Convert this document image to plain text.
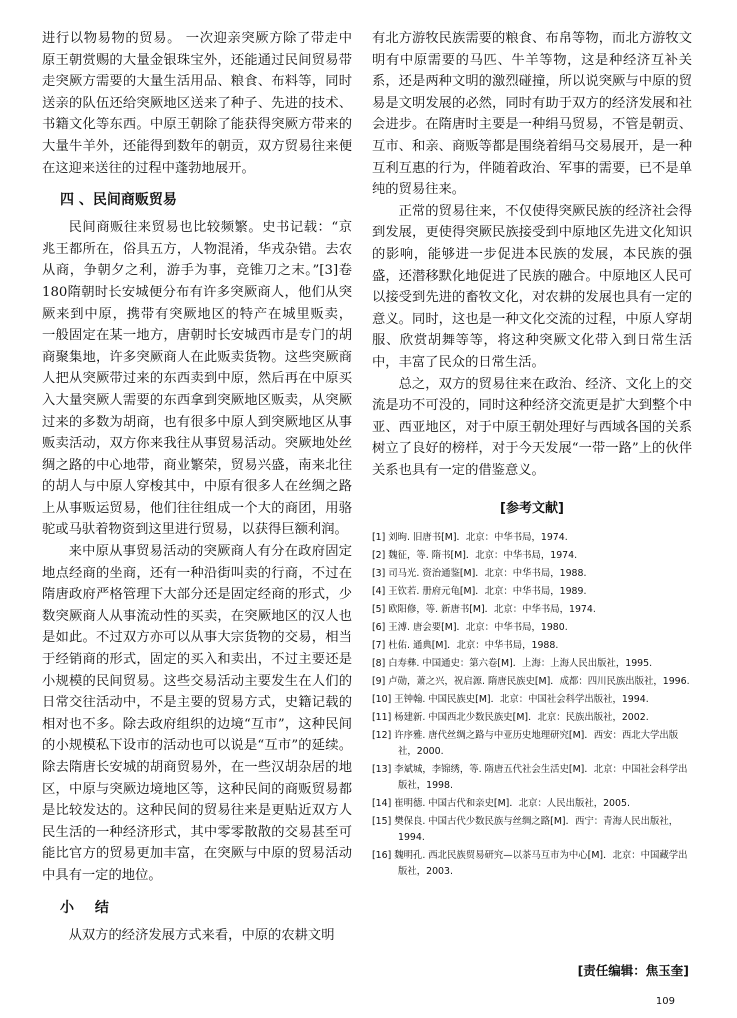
进行以物易物的贸易。 一次迎亲突厥方除了带走中原王朝赏赐的大量金银珠宝外，还能通过民间贸易带走突厥方需要的大量生活用品、粮食、布料等，同时送亲的队伍还给突厥地区送来了种子、先进的技术、书籍文化等东西。中原王朝除了能获得突厥方带来的大量牛羊外，还能得到数年的朝贡，双方贸易往来便在这迎来送往的过程中蓬勃地展开。

四 、民间商贩贸易

民间商贩往来贸易也比较频繁。史书记载：“京兆王都所在，俗具五方，人物混淆，华戎杂错。去农从商，争朝夕之利，游手为事，竞锥刀之末。”[3]卷180隋朝时长安城便分布有许多突厥商人，他们从突厥来到中原，携带有突厥地区的特产在城里贩卖， 一般固定在某一地方，唐朝时长安城西市是专门的胡商聚集地，许多突厥商人在此贩卖货物。这些突厥商人把从突厥带过来的东西卖到中原，然后再在中原买入大量突厥人需要的东西拿到突厥地区贩卖，从突厥过来的多数为胡商，也有很多中原人到突厥地区从事贩卖活动，双方你来我往从事贸易活动。突厥地处丝绸之路的中心地带，商业繁荣，贸易兴盛，南来北往的胡人与中原人穿梭其中，中原有很多人在丝绸之路上从事贩运贸易，他们往往组成一个大的商团，用骆驼或马驮着物资到这里进行贸易，以获得巨额利润。

来中原从事贸易活动的突厥商人有分在政府固定地点经商的坐商，还有一种沿街叫卖的行商，不过在隋唐政府严格管理下大部分还是固定经商的形式，少数突厥商人从事流动性的买卖，在突厥地区的汉人也是如此。不过双方亦可以从事大宗货物的交易，相当于经销商的形式，固定的买入和卖出，不过主要还是小规模的民间贸易。这些交易活动主要发生在人们的日常交往活动中，不是主要的贸易方式，史籍记载的相对也不多。除去政府组织的边境“互市”，这种民间的小规模私下设市的活动也可以说是“互市”的延续。除去隋唐长安城的胡商贸易外，在一些汉胡杂居的地区，中原与突厥边境地区等，这种民间的商贩贸易都是比较发达的。这种民间的贸易往来是更贴近双方人民生活的一种经济形式，其中零零散散的交易甚至可能比官方的贸易更加丰富，在突厥与中原的贸易活动中具有一定的地位。

小 结

从双方的经济发展方式来看，中原的农耕文明

有北方游牧民族需要的粮食、布帛等物，而北方游牧文明有中原需要的马匹、牛羊等物，这是种经济互补关系，还是两种文明的激烈碰撞，所以说突厥与中原的贸易是文明发展的必然，同时有助于双方的经济发展和社会进步。在隋唐时主要是一种绢马贸易，不管是朝贡、互市、和亲、商贩等都是围绕着绢马交易展开，是一种互利互惠的行为，伴随着政治、军事的需要，已不是单纯的贸易往来。

正常的贸易往来，不仅使得突厥民族的经济社会得到发展，更使得突厥民族接受到中原地区先进文化知识的影响，能够进一步促进本民族的发展，本民族的强盛，还潜移默化地促进了民族的融合。中原地区人民可以接受到先进的畜牧文化，对农耕的发展也具有一定的意义。同时，这也是一种文化交流的过程，中原人穿胡服、欣赏胡舞等等，将这种突厥文化带入到日常生活中，丰富了民众的日常生活。

总之，双方的贸易往来在政治、经济、文化上的交流是功不可没的，同时这种经济交流更是扩大到整个中亚、西亚地区，对于中原王朝处理好与西域各国的关系树立了良好的榜样，对于今天发展“一带一路”上的伙伴关系也具有一定的借鉴意义。

[参考文献]
[1] 刘昫. 旧唐书[M]．北京：中华书局，1974.
[2] 魏征，等. 隋书[M]．北京：中华书局，1974.
[3] 司马光. 资治通鉴[M]．北京：中华书局，1988.
[4] 王钦若. 册府元龟[M]．北京：中华书局，1989.
[5] 欧阳修，等. 新唐书[M]．北京：中华书局，1974.
[6] 王溥. 唐会要[M]．北京：中华书局，1980.
[7] 杜佑. 通典[M]．北京：中华书局，1988.
[8] 白寿彝. 中国通史：第六卷[M]．上海：上海人民出版社，1995.
[9] 卢勋，萧之兴，祝启源. 隋唐民族史[M]．成都：四川民族出版社，1996.
[10] 王钟翰. 中国民族史[M]．北京：中国社会科学出版社，1994.
[11] 杨建新. 中国西北少数民族史[M]．北京：民族出版社，2002.
[12] 许序雅. 唐代丝绸之路与中亚历史地理研究[M]．西安：西北大学出版社，2000.
[13] 李斌城，李锦绣，等. 隋唐五代社会生活史[M]．北京：中国社会科学出版社，1998.
[14] 崔明德. 中国古代和亲史[M]．北京：人民出版社，2005.
[15] 樊保良. 中国古代少数民族与丝绸之路[M]．西宁：青海人民出版社，1994.
[16] 魏明孔. 西北民族贸易研究—以茶马互市为中心[M]．北京：中国藏学出版社，2003.
[责任编辑：焦玉奎]
109
